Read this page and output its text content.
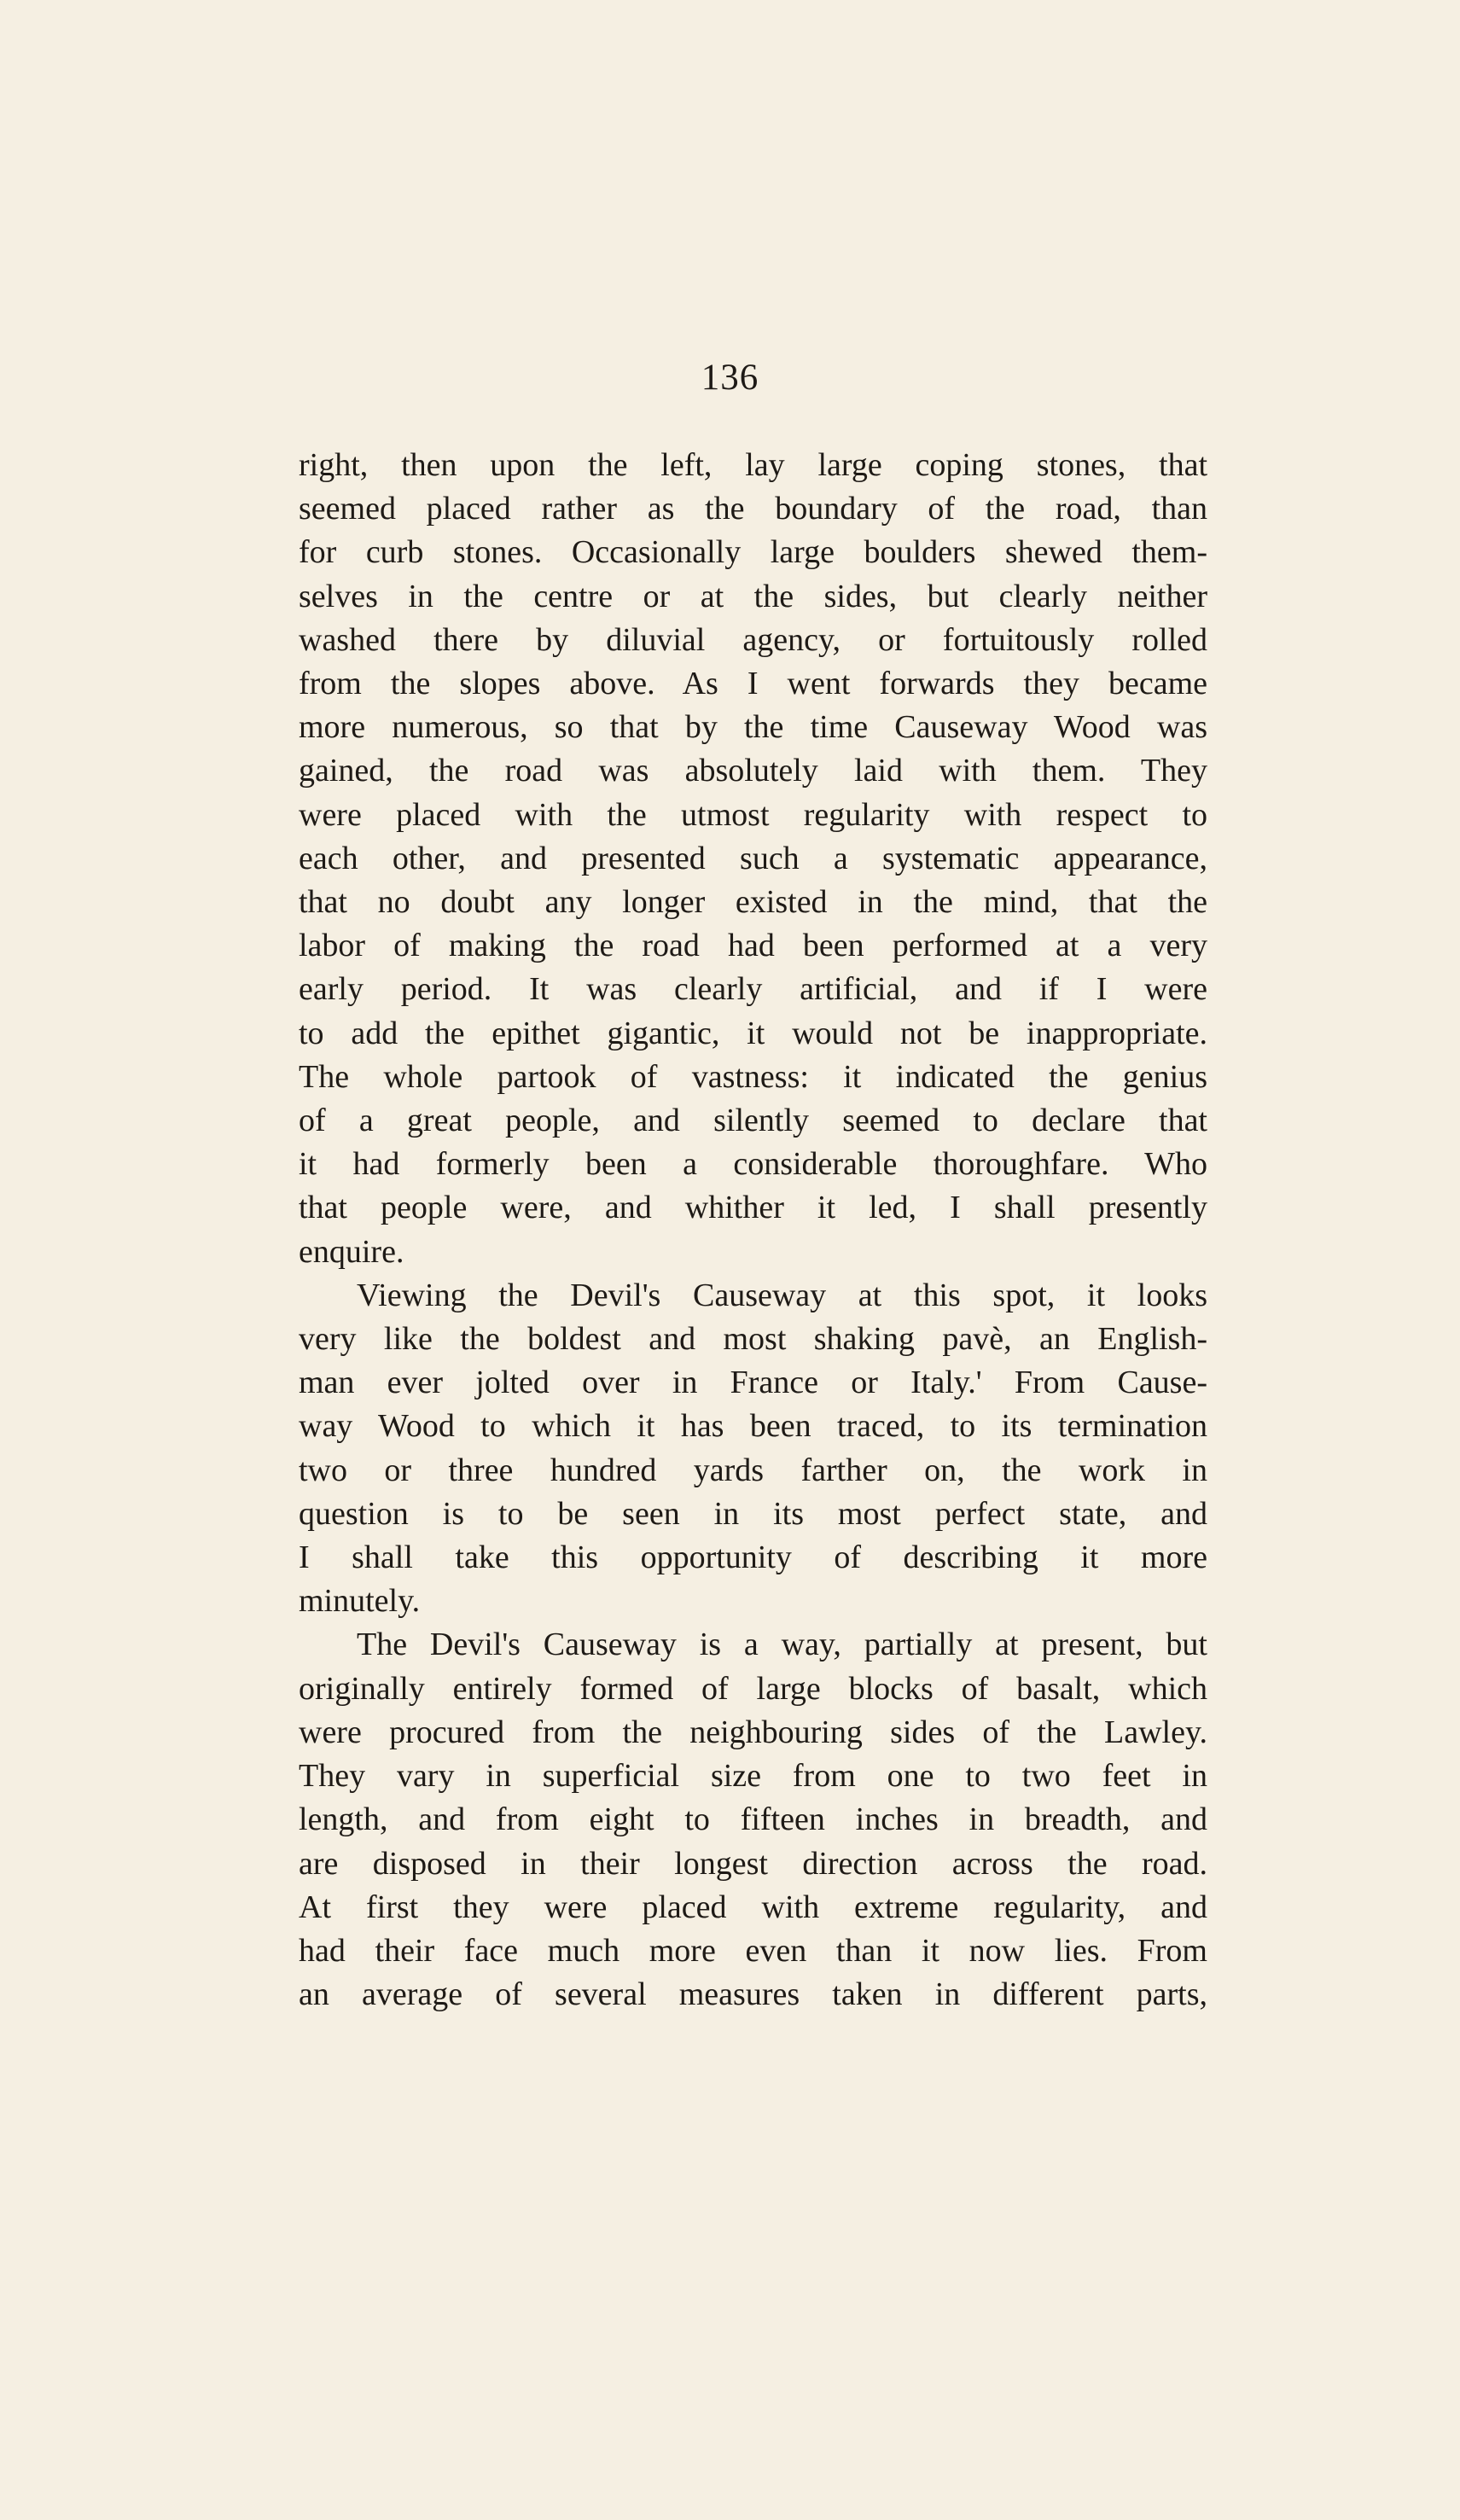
136

right, then upon the left, lay large coping stones, that
seemed placed rather as the boundary of the road, than
for curb stones. Occasionally large boulders shewed them-
selves in the centre or at the sides, but clearly neither
washed there by diluvial agency, or fortuitously rolled
from the slopes above. As I went forwards they became
more numerous, so that by the time Causeway Wood was
gained, the road was absolutely laid with them. They
were placed with the utmost regularity with respect to
each other, and presented such a systematic appearance,
that no doubt any longer existed in the mind, that the
labor of making the road had been performed at a very
early period. It was clearly artificial, and if I were
to add the epithet gigantic, it would not be inappropriate.
The whole partook of vastness: it indicated the genius
of a great people, and silently seemed to declare that
it had formerly been a considerable thoroughfare. Who
that people were, and whither it led, I shall presently
enquire.

Viewing the Devil's Causeway at this spot, it looks
very like the boldest and most shaking pavè, an English-
man ever jolted over in France or Italy.' From Cause-
way Wood to which it has been traced, to its termination
two or three hundred yards farther on, the work in
question is to be seen in its most perfect state, and
I shall take this opportunity of describing it more
minutely.

The Devil's Causeway is a way, partially at present, but
originally entirely formed of large blocks of basalt, which
were procured from the neighbouring sides of the Lawley.
They vary in superficial size from one to two feet in
length, and from eight to fifteen inches in breadth, and
are disposed in their longest direction across the road.
At first they were placed with extreme regularity, and
had their face much more even than it now lies. From
an average of several measures taken in different parts,
